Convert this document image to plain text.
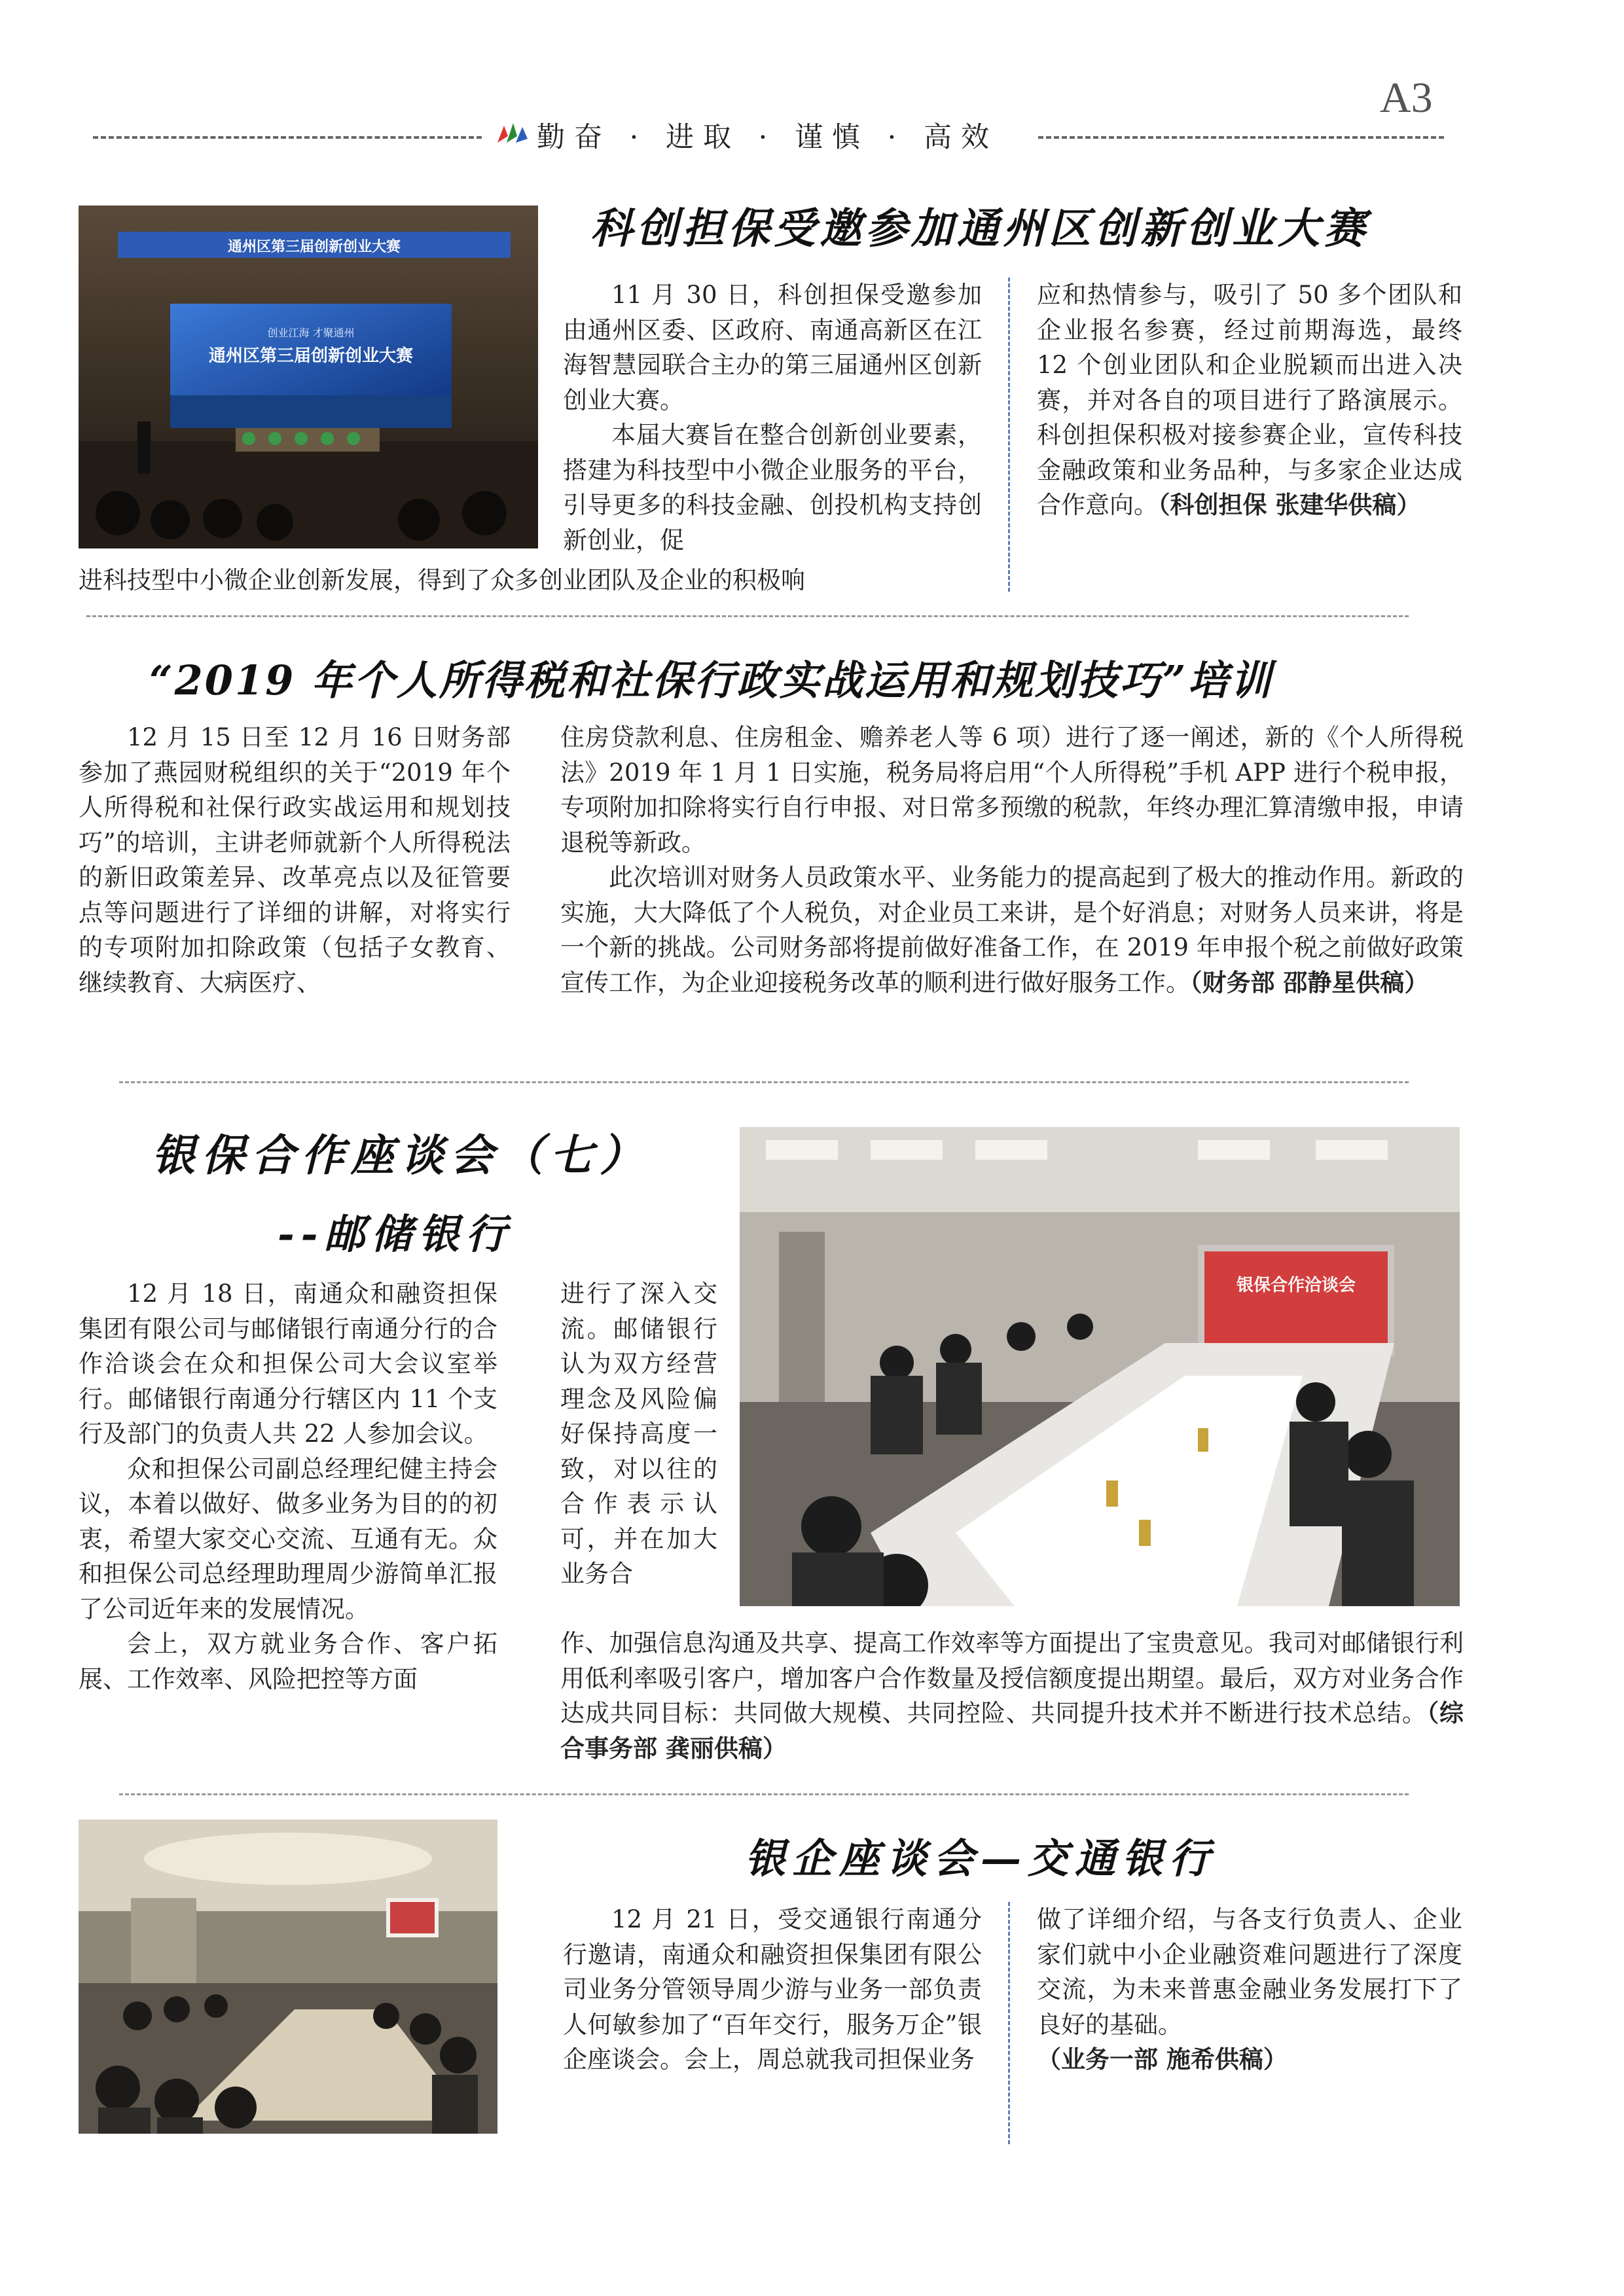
A3
勤奋 · 进取 · 谨慎 · 高效
通州区第三届创新创业大赛
创业江海 才聚通州
通州区第三届创新创业大赛
科创担保受邀参加通州区创新创业大赛

11 月 30 日，科创担保受邀参加由通州区委、区政府、南通高新区在江海智慧园联合主办的第三届通州区创新创业大赛。

本届大赛旨在整合创新创业要素，搭建为科技型中小微企业服务的平台，引导更多的科技金融、创投机构支持创新创业，促

进科技型中小微企业创新发展，得到了众多创业团队及企业的积极响

应和热情参与，吸引了 50 多个团队和企业报名参赛，经过前期海选，最终 12 个创业团队和企业脱颖而出进入决赛，并对各自的项目进行了路演展示。科创担保积极对接参赛企业，宣传科技金融政策和业务品种，与多家企业达成合作意向。（科创担保 张建华供稿）

“2019 年个人所得税和社保行政实战运用和规划技巧”培训

12 月 15 日至 12 月 16 日财务部参加了燕园财税组织的关于“2019 年个人所得税和社保行政实战运用和规划技巧”的培训，主讲老师就新个人所得税法的新旧政策差异、改革亮点以及征管要点等问题进行了详细的讲解，对将实行的专项附加扣除政策（包括子女教育、继续教育、大病医疗、

住房贷款利息、住房租金、赡养老人等 6 项）进行了逐一阐述，新的《个人所得税法》2019 年 1 月 1 日实施，税务局将启用“个人所得税”手机 APP 进行个税申报，专项附加扣除将实行自行申报、对日常多预缴的税款，年终办理汇算清缴申报，申请退税等新政。

此次培训对财务人员政策水平、业务能力的提高起到了极大的推动作用。新政的实施，大大降低了个人税负，对企业员工来讲，是个好消息；对财务人员来讲，将是一个新的挑战。公司财务部将提前做好准备工作，在 2019 年申报个税之前做好政策宣传工作，为企业迎接税务改革的顺利进行做好服务工作。（财务部 邵静星供稿）

银保合作座谈会（七）
--邮储银行
银保合作洽谈会

12 月 18 日，南通众和融资担保集团有限公司与邮储银行南通分行的合作洽谈会在众和担保公司大会议室举行。邮储银行南通分行辖区内 11 个支行及部门的负责人共 22 人参加会议。

众和担保公司副总经理纪健主持会议，本着以做好、做多业务为目的的初衷，希望大家交心交流、互通有无。众和担保公司总经理助理周少游简单汇报了公司近年来的发展情况。

会上，双方就业务合作、客户拓展、工作效率、风险把控等方面

进行了深入交流。邮储银行认为双方经营理念及风险偏好保持高度一致，对以往的合作表示认可，并在加大业务合

作、加强信息沟通及共享、提高工作效率等方面提出了宝贵意见。我司对邮储银行利用低利率吸引客户，增加客户合作数量及授信额度提出期望。最后，双方对业务合作达成共同目标：共同做大规模、共同控险、共同提升技术并不断进行技术总结。（综合事务部 龚丽供稿）

银企座谈会—交通银行

12 月 21 日，受交通银行南通分行邀请，南通众和融资担保集团有限公司业务分管领导周少游与业务一部负责人何敏参加了“百年交行，服务万企”银企座谈会。会上，周总就我司担保业务

做了详细介绍，与各支行负责人、企业家们就中小企业融资难问题进行了深度交流，为未来普惠金融业务发展打下了良好的基础。

（业务一部 施希供稿）
